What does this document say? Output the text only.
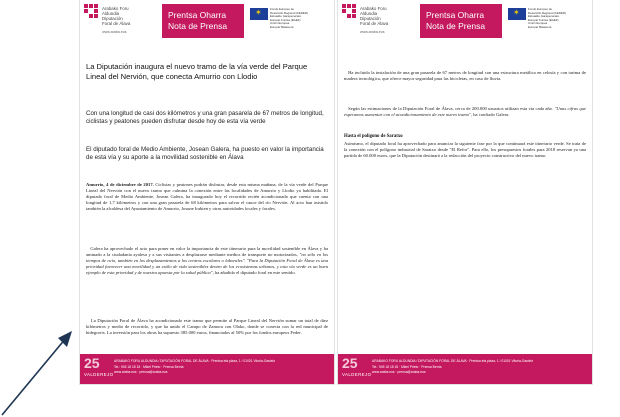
Arabako Foru
Aldundia
Diputación
Foral de Álava
www.araba.eus
Prentsa Oharra
Nota de Prensa
✶
Fondo Europeo de
Desarrollo Regional (FEDER)
Eskualde Garapenerako
Europar Funtsa (EGEF)
Unión Europea
Europar Batasuna
La Diputación inaugura el nuevo tramo de la vía verde del Parque Lineal del Nervión, que conecta Amurrio con Llodio
Con una longitud de casi dos kilómetros y una gran pasarela de 67 metros de longitud, ciclistas y peatones pueden disfrutar desde hoy de esta vía verde
El diputado foral de Medio Ambiente, Josean Galera, ha puesto en valor la importancia de esta vía y su aporte a la movilidad sostenible en Álava
Amurrio, 4 de diciembre de 2017. Ciclistas y peatones podrán disfrutar, desde esta misma mañana, de la vía verde del Parque Lineal del Nervión con el nuevo tramo que culmina la conexión entre las localidades de Amurrio y Llodio ya habilitada. El diputado foral de Medio Ambiente, Josean Galera, ha inaugurado hoy el recorrido recién acondicionado que cuenta con una longitud de 1,7 kilómetros y con una gran pasarela de 68 kilómetros para salvar el cauce del río Nervión. Al acto han asistido también la alcaldesa del Ayuntamiento de Amurrio, Josune Irabien y otras autoridades locales y forales.
Galera ha aprovechado el acto para poner en valor la importancia de este itinerario para la movilidad sostenible en Álava y ha animado a la ciudadanía ayalesa y a sus visitantes a desplazarse mediante medios de transporte no motorizados, "no sólo en los tiempos de ocio, también en los desplazamientos a los centros escolares o laborales". "Para la Diputación Foral de Álava es una prioridad favorecer una movilidad y un estilo de vida sostenibles dentro de los ecosistemas urbanos, y esta vía verde es un buen ejemplo de esta prioridad y de nuestra apuesta por la salud pública", ha añadido el diputado foral en este sentido.
La Diputación Foral de Álava ha acondicionado este tramo que permite al Parque Lineal del Nervión sumar un total de diez kilómetros y medio de recorrido, y que ha unido el Campo de Zamora con Olako, donde se conecta con la red municipal de bidegorris. La inversión para los obras ha supuesto 385.000 euros, financiados al 50% por los fondos europeos Feder.
25
VALDEREJO
ARABAKO FORU ALDUNDIA / DIPUTACIÓN FORAL DE ÁLAVA · Prentsa eta plaza, 1 / 01001 Vitoria-Gasteiz
Tel.: 945 18 18 18 · Mikel Prieto · Prensa Berria
www.araba.eus · prensa@araba.eus
Arabako Foru
Aldundia
Diputación
Foral de Álava
www.araba.eus
Prentsa Oharra
Nota de Prensa
✶
Fondo Europeo de
Desarrollo Regional (FEDER)
Eskualde Garapenerako
Europar Funtsa (EGEF)
Unión Europea
Europar Batasuna
Ha incluido la instalación de una gran pasarela de 67 metros de longitud con una estructura metálica en celosía y con tarima de madera tecnológica, que ofrece mayor seguridad para las bicicletas, en caso de lluvia.
Según las estimaciones de la Diputación Foral de Álava, cerca de 200.000 usuarios utilizan esta vía cada año. "Unas cifras que esperamos aumentar con el acondicionamiento de este nuevo tramo", ha confiado Galera.
Hasta el polígono de Saratxo
Asimismo, el diputado foral ha aprovechado para anunciar la siguiente fase por la que continuará este itinerario verde. Se trata de la conexión con el polígono industrial de Saratxo desde "El Refor". Para ello, los presupuestos forales para 2018 reservan ya una partida de 60.000 euros, que la Diputación destinará a la redacción del proyecto constructivo del nuevo tramo.
25
VALDEREJO
ARABAKO FORU ALDUNDIA / DIPUTACIÓN FORAL DE ÁLAVA · Prentsa eta plaza, 1 / 01001 Vitoria-Gasteiz
Tel.: 945 18 18 18 · Mikel Prieto · Prensa Berria
www.araba.eus · prensa@araba.eus
